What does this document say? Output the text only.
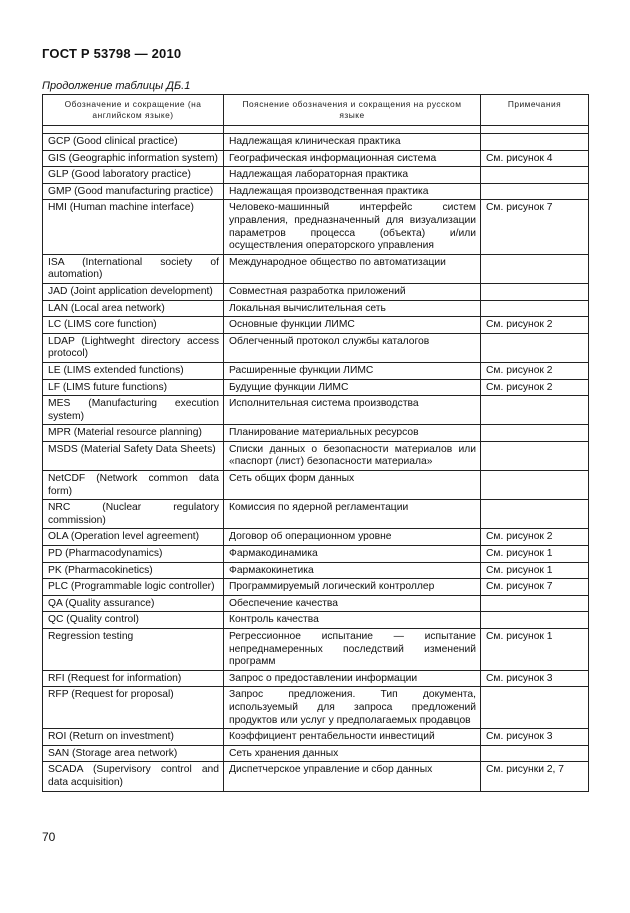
ГОСТ Р 53798 — 2010
Продолжение таблицы ДБ.1
Обозначение и сокращение (на английском языке)	Пояснение обозначения и сокращения на русском языке	Примечания

GCP (Good clinical practice)	Надлежащая клиническая практика	
GIS (Geographic information system)	Географическая информационная система	См. рисунок 4
GLP (Good laboratory practice)	Надлежащая лабораторная практика	
GMP (Good manufacturing practice)	Надлежащая производственная практика	
HMI (Human machine interface)	Человеко-машинный интерфейс систем управления, предназначенный для визуализации параметров процесса (объекта) и/или осуществления операторского управления	См. рисунок 7
ISA (International society of automation)	Международное общество по автоматизации	
JAD (Joint application development)	Совместная разработка приложений	
LAN (Local area network)	Локальная вычислительная сеть	
LC (LIMS core function)	Основные функции ЛИМС	См. рисунок 2
LDAP (Lightweght directory access protocol)	Облегченный протокол службы каталогов	
LE (LIMS extended functions)	Расширенные функции ЛИМС	См. рисунок 2
LF (LIMS future functions)	Будущие функции ЛИМС	См. рисунок 2
MES (Manufacturing execution system)	Исполнительная система производства	
MPR (Material resource planning)	Планирование материальных ресурсов	
MSDS (Material Safety Data Sheets)	Списки данных о безопасности материалов или «паспорт (лист) безопасности материала»	
NetCDF (Network common data form)	Сеть общих форм данных	
NRC (Nuclear regulatory commission)	Комиссия по ядерной регламентации	
OLA (Operation level agreement)	Договор об операционном уровне	См. рисунок 2
PD (Pharmacodynamics)	Фармакодинамика	См. рисунок 1
PK (Pharmacokinetics)	Фармакокинетика	См. рисунок 1
PLC (Programmable logic controller)	Программируемый логический контроллер	См. рисунок 7
QA (Quality assurance)	Обеспечение качества	
QC (Quality control)	Контроль качества	
Regression testing	Регрессионное испытание — испытание непреднамеренных последствий изменений программ	См. рисунок 1
RFI (Request for information)	Запрос о предоставлении информации	См. рисунок 3
RFP (Request for proposal)	Запрос предложения. Тип документа, используемый для запроса предложений продуктов или услуг у предполагаемых продавцов	
ROI (Return on investment)	Коэффициент рентабельности инвестиций	См. рисунок 3
SAN (Storage area network)	Сеть хранения данных	
SCADA (Supervisory control and data acquisition)	Диспетчерское управление и сбор данных	См. рисунки 2, 7
70
